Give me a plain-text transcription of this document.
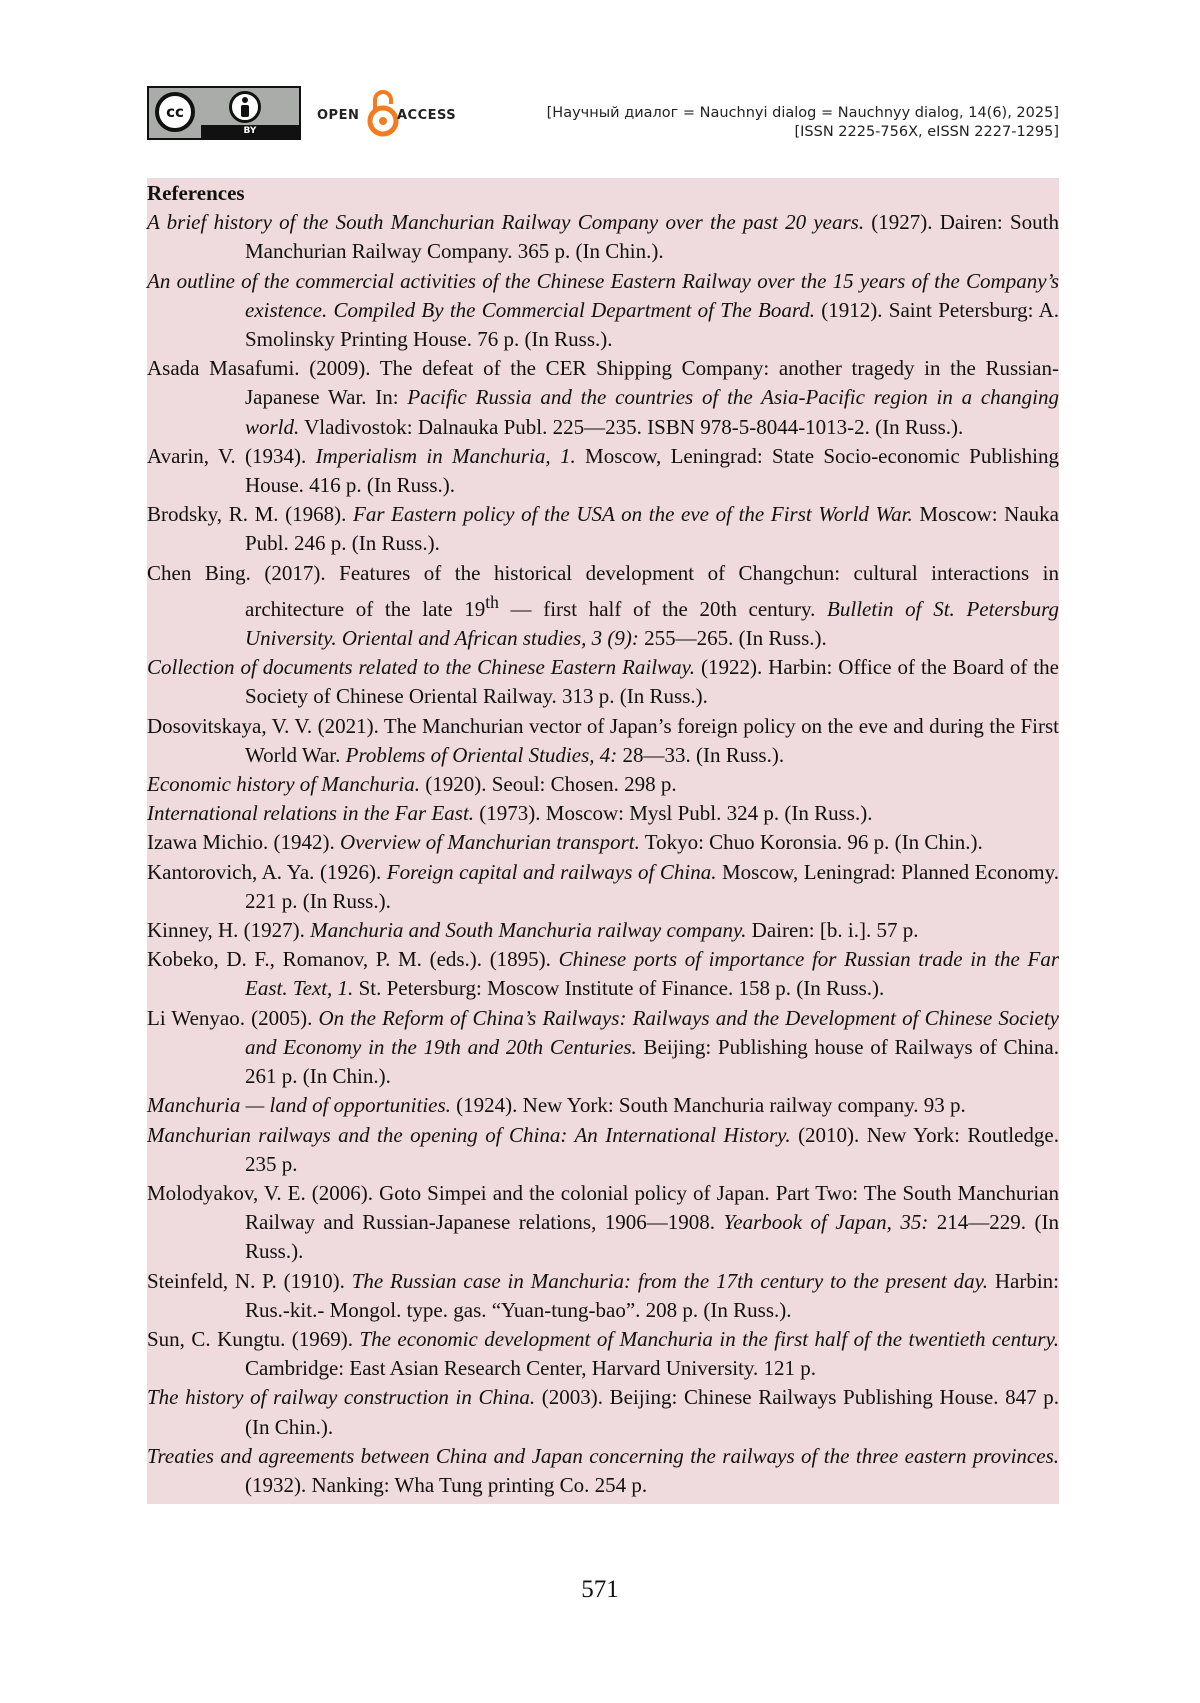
cc
BY
OPEN	ACCESS	[Научный диалог = Nauchnyi dialog = Nauchnyy dialog, 14(6), 2025]
[ISSN 2225-756X, eISSN 2227-1295]
References
A brief history of the South Manchurian Railway Company over the past 20 years. (1927). Dairen: South Manchurian Railway Company. 365 p. (In Chin.).
An outline of the commercial activities of the Chinese Eastern Railway over the 15 years of the Company’s existence. Compiled By the Commercial Department of The Board. (1912). Saint Petersburg: A. Smolinsky Printing House. 76 p. (In Russ.).
Asada Masafumi. (2009). The defeat of the CER Shipping Company: another tragedy in the Russian-Japanese War. In: Pacific Russia and the countries of the Asia-Pacific region in a changing world. Vladivostok: Dalnauka Publ. 225—235. ISBN 978-5-8044-1013-2. (In Russ.).
Avarin, V. (1934). Imperialism in Manchuria, 1. Moscow, Leningrad: State Socio-economic Publishing House. 416 p. (In Russ.).
Brodsky, R. M. (1968). Far Eastern policy of the USA on the eve of the First World War. Moscow: Nauka Publ. 246 p. (In Russ.).
Chen Bing. (2017). Features of the historical development of Changchun: cultural interactions in architecture of the late 19th — first half of the 20th century. Bulletin of St. Petersburg University. Oriental and African studies, 3 (9): 255—265. (In Russ.).
Collection of documents related to the Chinese Eastern Railway. (1922). Harbin: Office of the Board of the Society of Chinese Oriental Railway. 313 p. (In Russ.).
Dosovitskaya, V. V. (2021). The Manchurian vector of Japan’s foreign policy on the eve and during the First World War. Problems of Oriental Studies, 4: 28—33. (In Russ.).
Economic history of Manchuria. (1920). Seoul: Chosen. 298 p.
International relations in the Far East. (1973). Moscow: Mysl Publ. 324 p. (In Russ.).
Izawa Michio. (1942). Overview of Manchurian transport. Tokyo: Chuo Koronsia. 96 p. (In Chin.).
Kantorovich, A. Ya. (1926). Foreign capital and railways of China. Moscow, Leningrad: Planned Economy. 221 p. (In Russ.).
Kinney, H. (1927). Manchuria and South Manchuria railway company. Dairen: [b. i.]. 57 p.
Kobeko, D. F., Romanov, P. M. (eds.). (1895). Chinese ports of importance for Russian trade in the Far East. Text, 1. St. Petersburg: Moscow Institute of Finance. 158 p. (In Russ.).
Li Wenyao. (2005). On the Reform of China’s Railways: Railways and the Development of Chinese Society and Economy in the 19th and 20th Centuries. Beijing: Publishing house of Railways of China. 261 p. (In Chin.).
Manchuria — land of opportunities. (1924). New York: South Manchuria railway company. 93 p.
Manchurian railways and the opening of China: An International History. (2010). New York: Routledge. 235 p.
Molodyakov, V. E. (2006). Goto Simpei and the colonial policy of Japan. Part Two: The South Manchurian Railway and Russian-Japanese relations, 1906—1908. Yearbook of Japan, 35: 214—229. (In Russ.).
Steinfeld, N. P. (1910). The Russian case in Manchuria: from the 17th century to the present day. Harbin: Rus.-kit.- Mongol. type. gas. “Yuan-tung-bao”. 208 p. (In Russ.).
Sun, C. Kungtu. (1969). The economic development of Manchuria in the first half of the twentieth century. Cambridge: East Asian Research Center, Harvard University. 121 p.
The history of railway construction in China. (2003). Beijing: Chinese Railways Publishing House. 847 p. (In Chin.).
Treaties and agreements between China and Japan concerning the railways of the three eastern provinces. (1932). Nanking: Wha Tung printing Co. 254 p.
571
